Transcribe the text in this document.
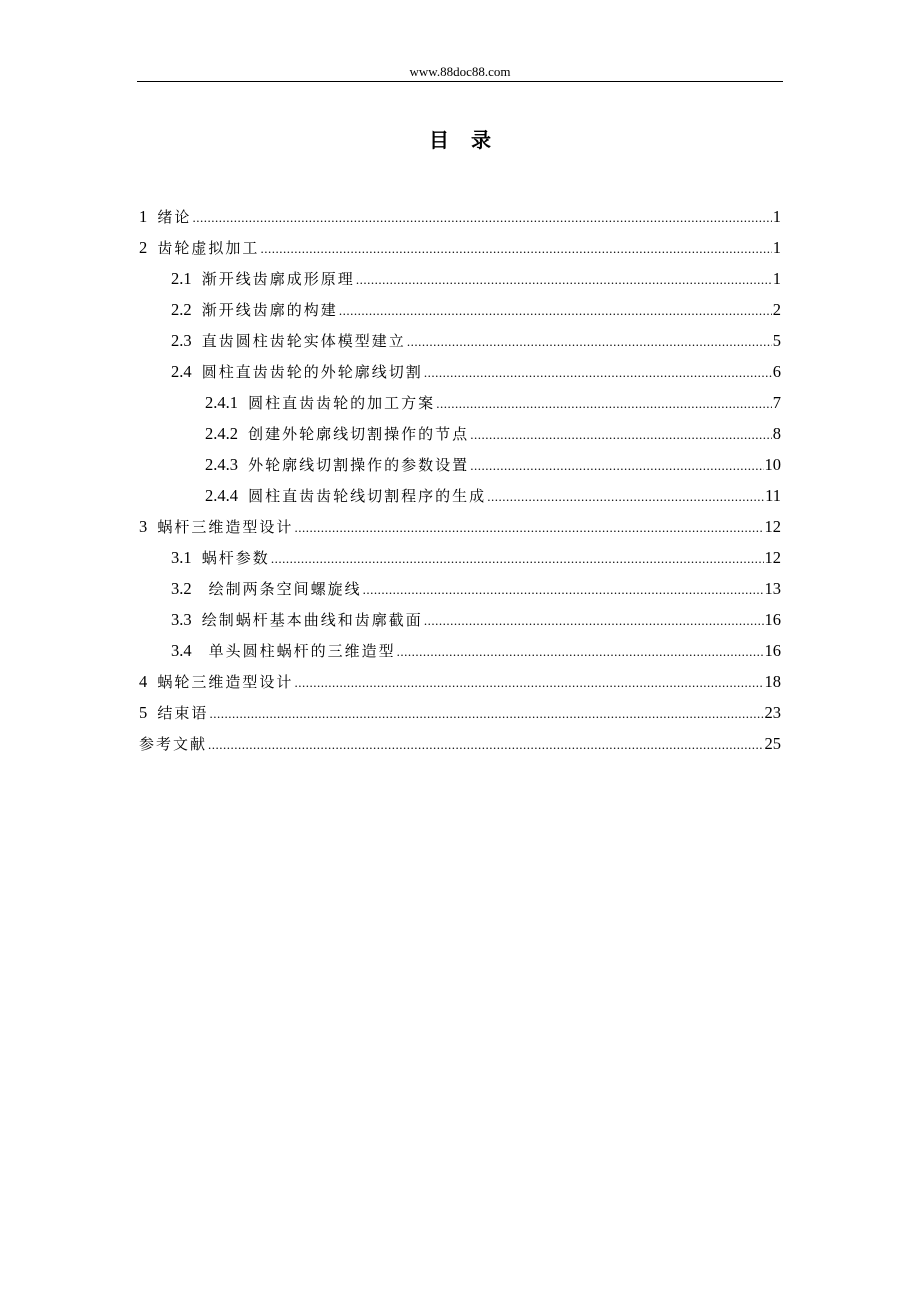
www.88doc88.com
目录
1 绪论 .....	1
2 齿轮虚拟加工 .....	1
2.1 渐开线齿廓成形原理 .....	1
2.2 渐开线齿廓的构建 .....	2
2.3 直齿圆柱齿轮实体模型建立 .....	5
2.4 圆柱直齿齿轮的外轮廓线切割 .....	6
2.4.1 圆柱直齿齿轮的加工方案 .....	7
2.4.2 创建外轮廓线切割操作的节点 .....	8
2.4.3 外轮廓线切割操作的参数设置 .....	10
2.4.4 圆柱直齿齿轮线切割程序的生成 .....	11
3 蜗杆三维造型设计 .....	12
3.1 蜗杆参数 .....	12
3.2   绘制两条空间螺旋线 .....	13
3.3 绘制蜗杆基本曲线和齿廓截面 .....	16
3.4   单头圆柱蜗杆的三维造型 .....	16
4 蜗轮三维造型设计 .....	18
5 结束语 .....	23
参考文献 .....	25
